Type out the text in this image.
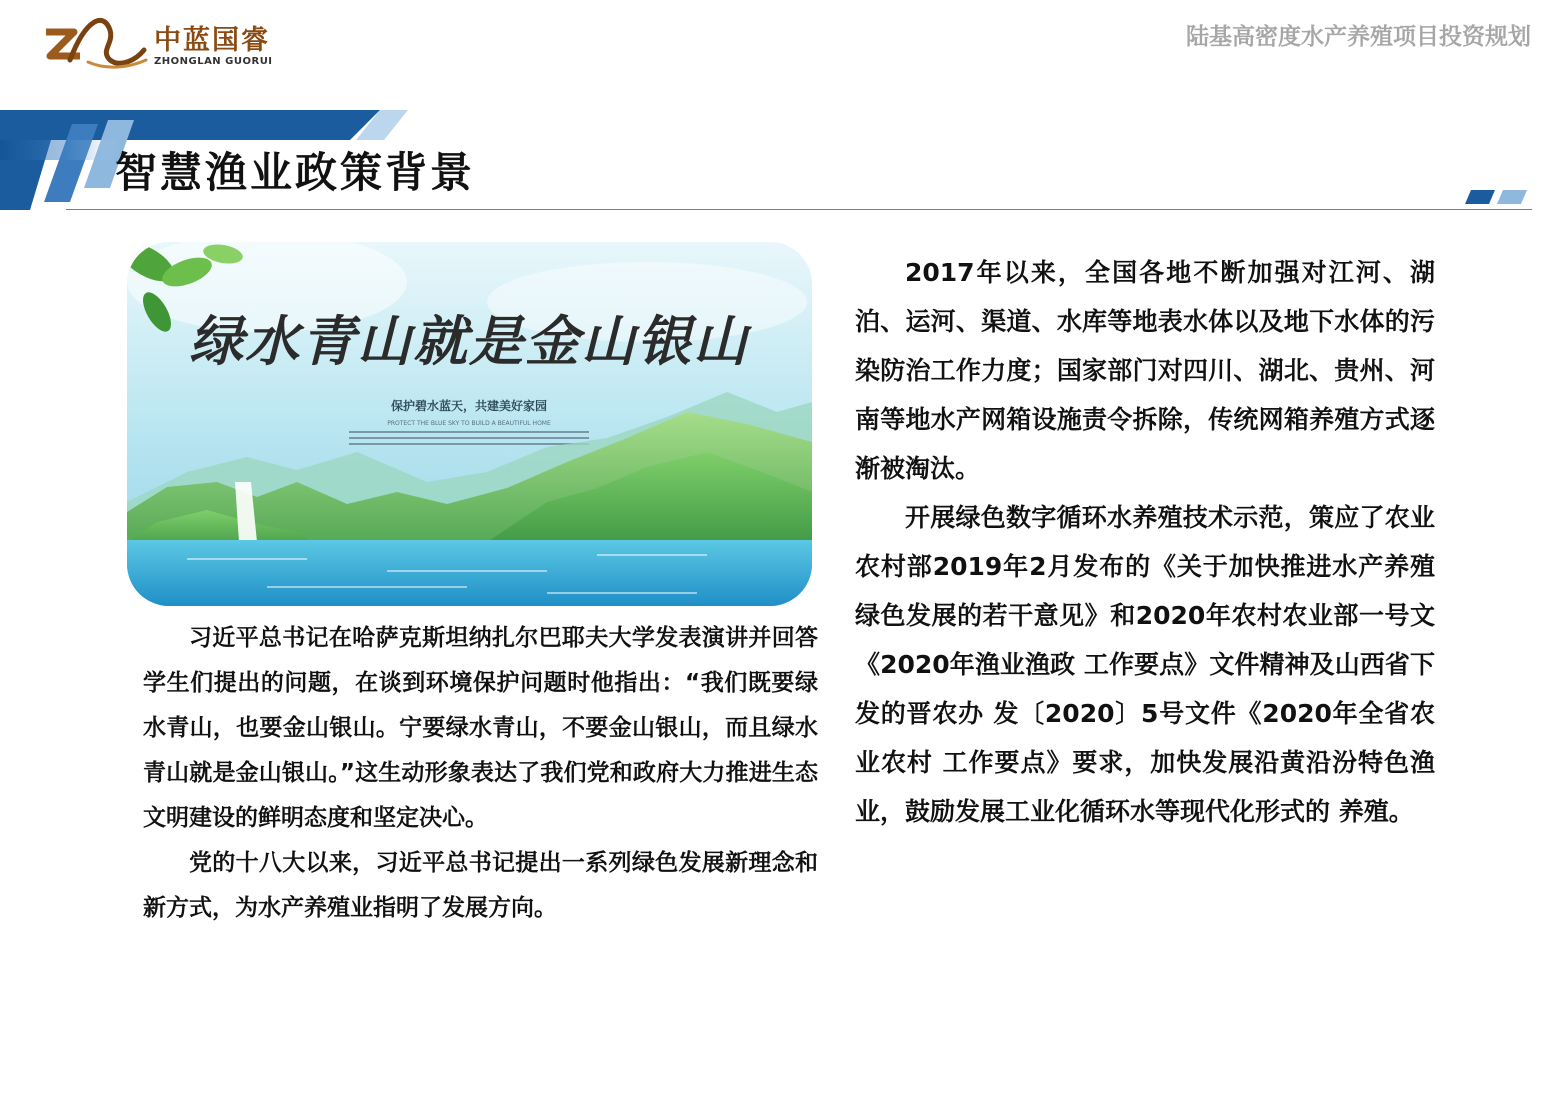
中蓝国睿
ZHONGLAN GUORUI
陆基高密度水产养殖项目投资规划
智慧渔业政策背景
绿水青山就是金山银山
保护碧水蓝天，共建美好家园
PROTECT THE BLUE SKY TO BUILD A BEAUTIFUL HOME

习近平总书记在哈萨克斯坦纳扎尔巴耶夫大学发表演讲并回答学生们提出的问题，在谈到环境保护问题时他指出：“我们既要绿水青山，也要金山银山。宁要绿水青山，不要金山银山，而且绿水青山就是金山银山。”这生动形象表达了我们党和政府大力推进生态文明建设的鲜明态度和坚定决心。

党的十八大以来，习近平总书记提出一系列绿色发展新理念和新方式，为水产养殖业指明了发展方向。

2017年以来，全国各地不断加强对江河、湖泊、运河、渠道、水库等地表水体以及地下水体的污染防治工作力度；国家部门对四川、湖北、贵州、河南等地水产网箱设施责令拆除，传统网箱养殖方式逐渐被淘汰。

开展绿色数字循环水养殖技术示范，策应了农业农村部2019年2月发布的《关于加快推进水产养殖绿色发展的若干意见》和2020年农村农业部一号文《2020年渔业渔政 工作要点》文件精神及山西省下发的晋农办 发〔2020〕5号文件《2020年全省农业农村 工作要点》要求，加快发展沿黄沿汾特色渔 业，鼓励发展工业化循环水等现代化形式的 养殖。
